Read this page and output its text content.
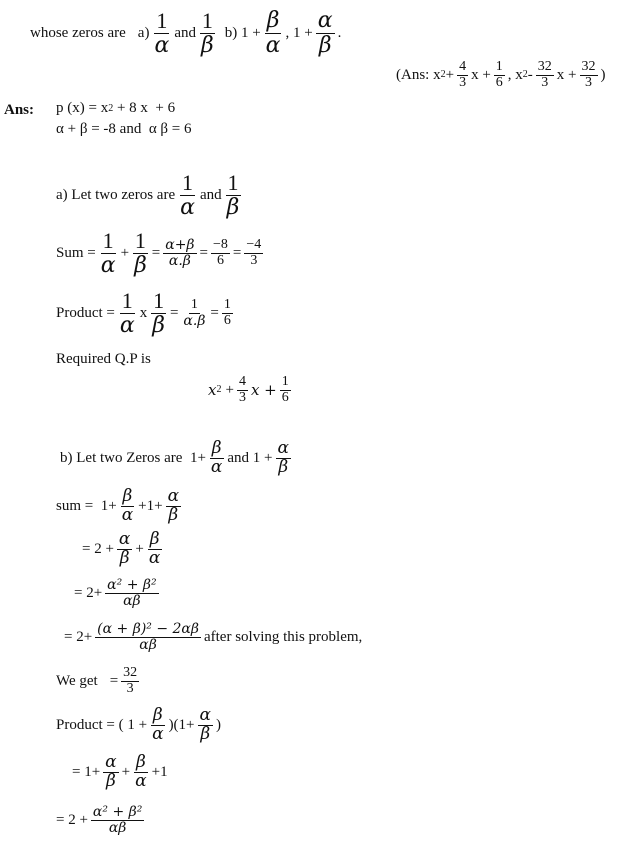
whose zeros are $a) \frac{1}{\alpha}$ and $\frac{1}{\beta} b$) $1 + \frac{\beta}{\alpha}$ , $1 + \frac{\alpha}{\beta}$ .
(Ans: x $2 + \frac{4}{3}$ $x + \frac{1}{6}$ , x $2 - \frac{32}{3}$ $x + \frac{32}{3}$ )
Ans: p (x) = x 2 + 8 x  + 6
α + β = -8 and  α β = 6
a) Let two zeros are $\frac{1}{\alpha}$ and $\frac{1}{\beta}$
Sum = $\frac{1}{\alpha} + \frac{1}{\beta} = \frac{\alpha+\beta}{\alpha.\beta} = \frac{-8}{6} = \frac{-4}{3}$
Product = $\frac{1}{\alpha}$ x $\frac{1}{\beta} = \frac{1}{\alpha.\beta} = \frac{1}{6}$
Required Q.P is
x $2 + \frac{4}{3}$ $x + \frac{1}{6}$
b) Let two Zeros are  $1+ \frac{\beta}{\alpha}$ and $1 + \frac{\alpha}{\beta}$
sum =  $1+ \frac{\beta}{\alpha} +1+ \frac{\alpha}{\beta}$
= $2 + \frac{\alpha}{\beta} + \frac{\beta}{\alpha}$
= $2+ \frac{\text{α² + β²}}{\alpha\beta}$
= $2+ \frac{\text{(α + β)² − 2αβ}}{\alpha\beta}$ after solving this problem,
We get = $\frac{32}{3}$
Product = ( $1 + \frac{\beta}{\alpha} )(1+ \frac{\alpha}{\beta}$ )
= $1+ \frac{\alpha}{\beta} + \frac{\beta}{\alpha} +1$
= $2 + \frac{\text{α² + β²}}{\alpha\beta}$
